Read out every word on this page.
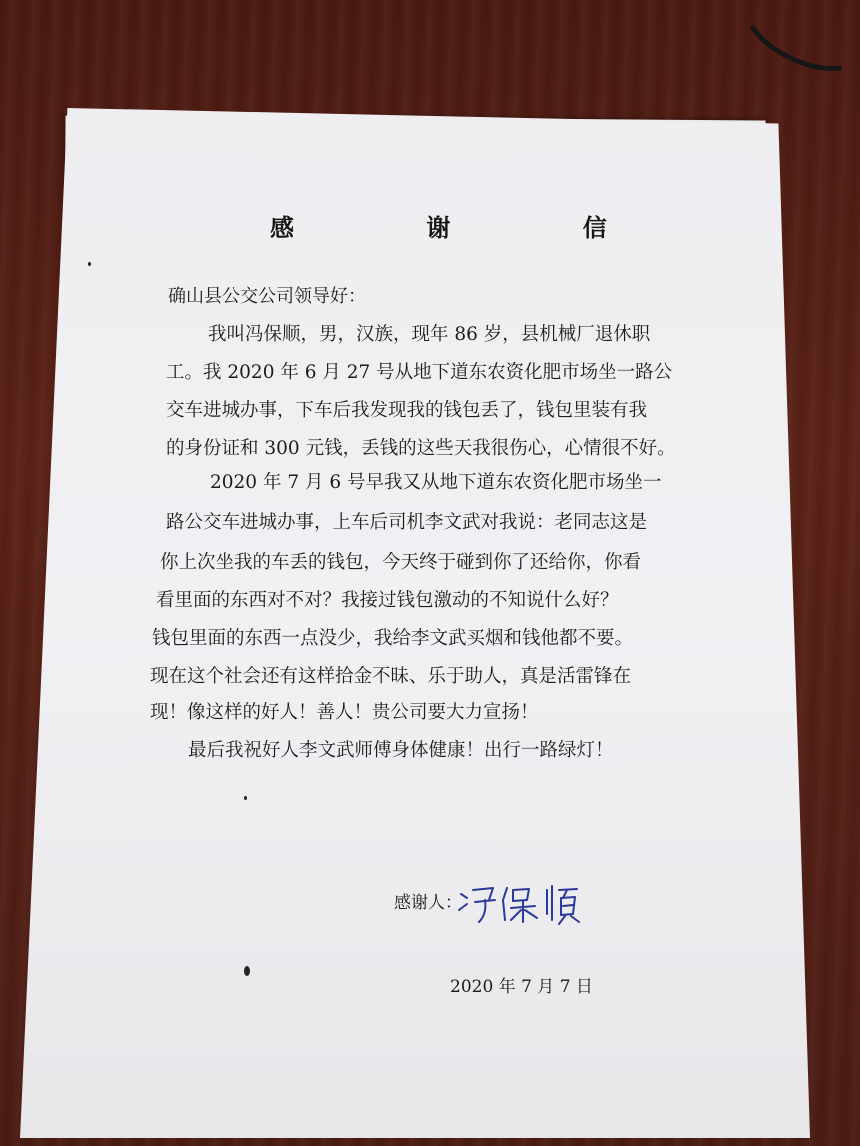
感 谢 信
确山县公交公司领导好：
我叫冯保顺，男，汉族，现年 86 岁，县机械厂退休职
工。我 2020 年 6 月 27 号从地下道东农资化肥市场坐一路公
交车进城办事，下车后我发现我的钱包丢了，钱包里装有我
的身份证和 300 元钱，丢钱的这些天我很伤心，心情很不好。
2020 年 7 月 6 号早我又从地下道东农资化肥市场坐一
路公交车进城办事，上车后司机李文武对我说：老同志这是
你上次坐我的车丢的钱包，今天终于碰到你了还给你，你看
看里面的东西对不对？我接过钱包激动的不知说什么好？
钱包里面的东西一点没少，我给李文武买烟和钱他都不要。
现在这个社会还有这样拾金不昧、乐于助人，真是活雷锋在
现！像这样的好人！善人！贵公司要大力宣扬！
最后我祝好人李文武师傅身体健康！出行一路绿灯！
感谢人：
2020 年 7 月 7 日
